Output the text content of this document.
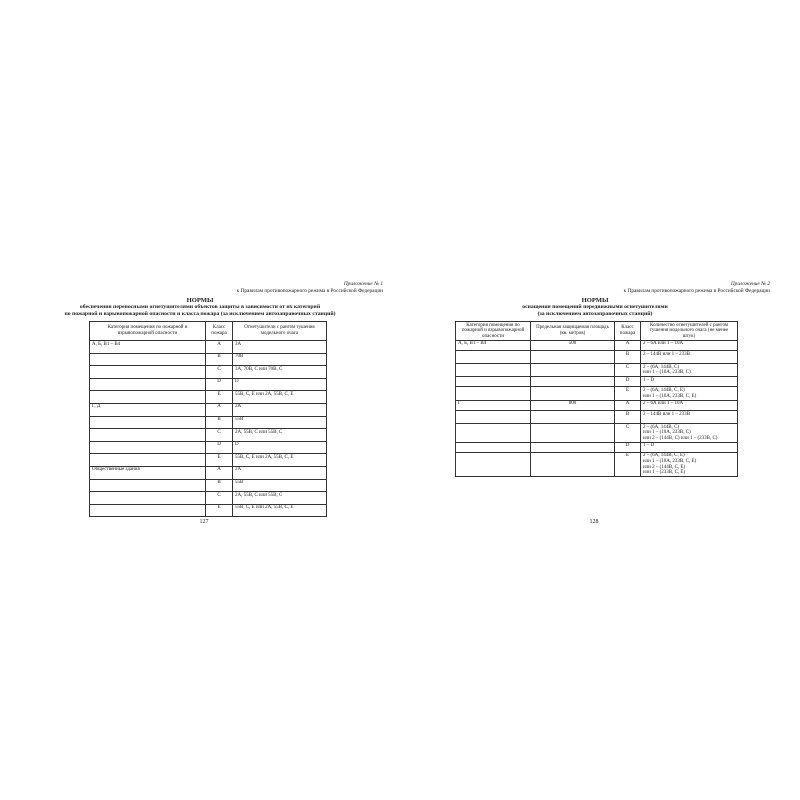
Приложение № 1
к Правилам противопожарного режима в Российской Федерации
НОРМЫ
обеспечения переносными огнетушителями объектов защиты в зависимости от их категорий
по пожарной и взрывопожарной опасности и класса пожара (за исключением автозаправочных станций)
Категория помещения по пожарной и взрывопожарной опасности	Класс пожара	Огнетушители с рангом тушения модельного очага
А, Б, В1 – В4	А	3А
	В	70В
	С	3А, 70В, С или 70В, С
	D	D
	Е	55В, С, Е или 2А, 55В, С, Е
Г, Д	А	2А
	В	55В
	С	2А, 55В, С или 55В, С
	D	D
	Е	55В, С, Е или 2А, 55В, С, Е
Общественные здания	А	2А
	В	55В
	С	2А, 55В, С или 55В, С
	Е	55В, С, Е или 2А, 55В, С, Е
127
Приложение № 2
к Правилам противопожарного режима в Российской Федерации
НОРМЫ
оснащения помещений передвижными огнетушителями
(за исключением автозаправочных станций)
Категория помещения по пожарной и взрывопожарной опасности	Предельная защищаемая площадь (кв. метров)	Класс пожара	Количество огнетушителей с рангом тушения модельного очага (не менее штук)
А, Б, В1 – В4	500	А	2 – 6А или 1 – 10А
		В	2 – 144В или 1 – 233В
		С	2 – (6А, 144В, С)
или 1 – (10А, 233В, С)
		D	1 – D
		Е	2 – (6А, 144В, С, Е)
или 1 – (10А, 233В, С, Е)
Г	800	А	2 – 6А или 1 – 10А
		В	2 – 144В или 1 – 233В
		С	2 – (6А, 144В, С)
или 1 – (10А, 233В, С)
или 2 – (144В, С) или 1 – (233В, С)
		D	1 – D
		Е	2 – (6А, 144В, С, Е)
или 1 – (10А, 233В, С, Е)
или 2 – (144В, С, Е)
или 1 – (233В, С, Е)
128
